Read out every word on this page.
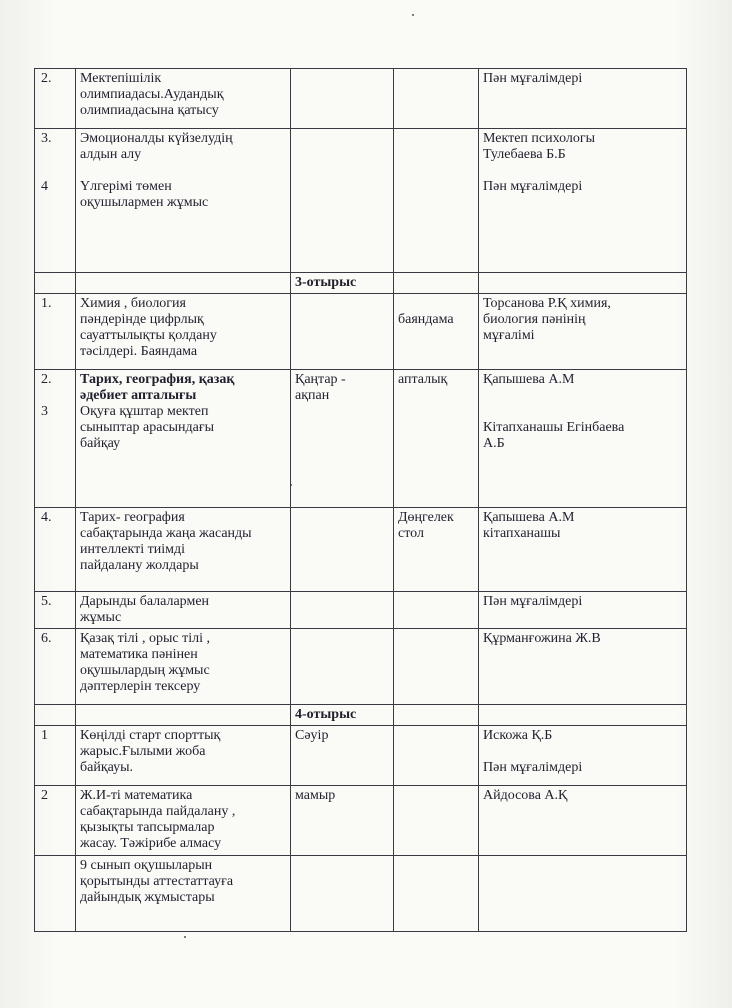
2.	Мектепішілік
олимпиадасы.Аудандық
олимпиадасына қатысу			Пән мұғалімдері

3.

4	Эмоционалды күйзелудің
алдын алу
Үлгерімі төмен
оқушылармен жұмыс			Мектеп психологы
Тулебаева Б.Б
Пән мұғалімдері

		3-отырыс		
1.	Химия , биология
пәндерінде цифрлық
сауаттылықты қолдану
тәсілдері. Баяндама		баяндама	Торсанова Р.Қ химия,
биология пәнінің
мұғалімі

2.

3	Тарих, география, қазақ
әдебиет апталығы
Оқуға құштар мектеп
сыныптар арасындағы
байқау	Қаңтар -
ақпан	апталық	Қапышева А.М
Кітапханашы Егінбаева
А.Б

4.	Тарих- география
сабақтарында жаңа жасанды
интеллекті тиімді
пайдалану жолдары		Дөңгелек
стол	Қапышева А.М
кітапханашы

5.	Дарынды балалармен
жұмыс			Пән мұғалімдері

6.	Қазақ тілі , орыс тілі ,
математика пәнінен
оқушылардың жұмыс
дәптерлерін тексеру			Құрманғожина Ж.В

		4-отырыс		
1	Көңілді старт спорттық
жарыс.Ғылыми жоба
байқауы.	Сәуір		Искожа Қ.Б
Пән мұғалімдері

2	Ж.И-ті математика
сабақтарында пайдалану ,
қызықты тапсырмалар
жасау. Тәжірибе алмасу	мамыр		Айдосова А.Қ

	9 сынып оқушыларын
қорытынды аттестаттауға
дайындық жұмыстары			
